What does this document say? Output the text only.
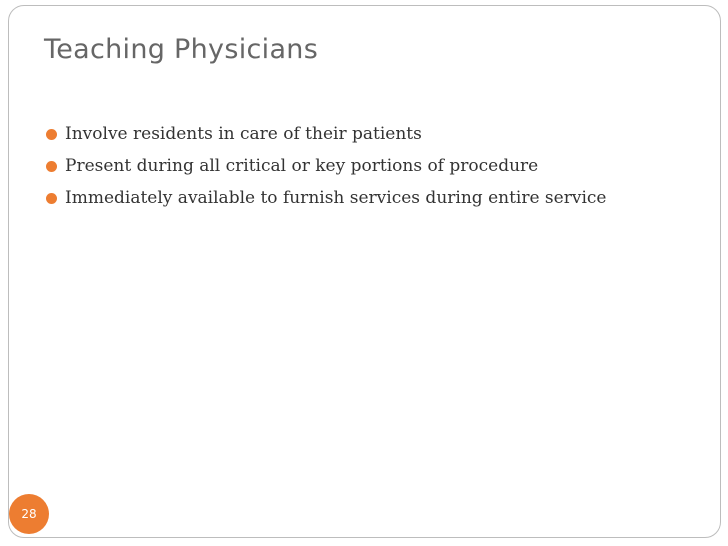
Teaching Physicians
Involve residents in care of their patients
Present during all critical or key portions of procedure
Immediately available to furnish services during entire service
28
